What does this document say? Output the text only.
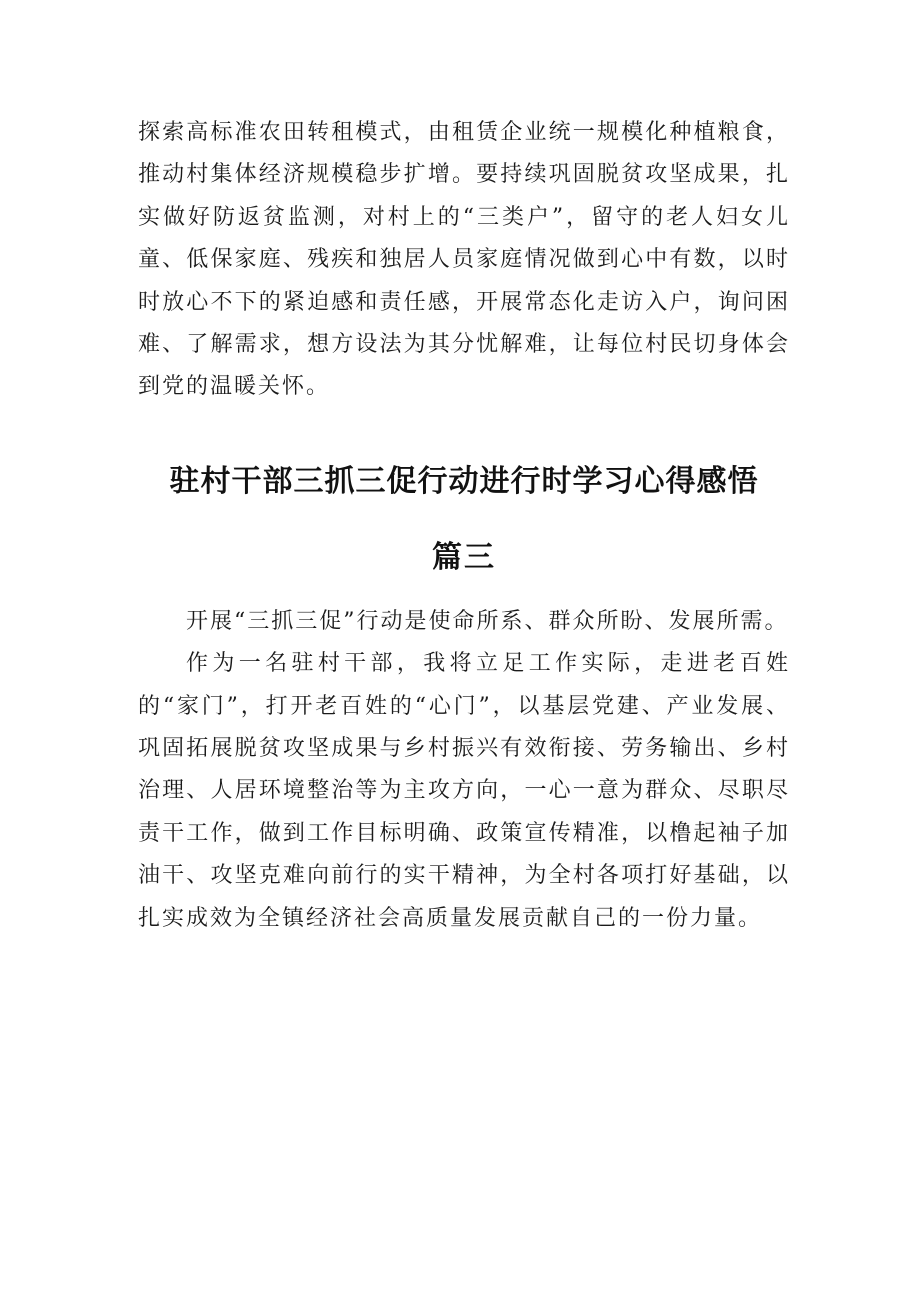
探索高标准农田转租模式，由租赁企业统一规模化种植粮食，推动村集体经济规模稳步扩增。要持续巩固脱贫攻坚成果，扎实做好防返贫监测，对村上的“三类户”，留守的老人妇女儿童、低保家庭、残疾和独居人员家庭情况做到心中有数，以时时放心不下的紧迫感和责任感，开展常态化走访入户，询问困难、了解需求，想方设法为其分忧解难，让每位村民切身体会到党的温暖关怀。

驻村干部三抓三促行动进行时学习心得感悟
篇三

开展“三抓三促”行动是使命所系、群众所盼、发展所需。

作为一名驻村干部，我将立足工作实际，走进老百姓的“家门”，打开老百姓的“心门”，以基层党建、产业发展、巩固拓展脱贫攻坚成果与乡村振兴有效衔接、劳务输出、乡村治理、人居环境整治等为主攻方向，一心一意为群众、尽职尽责干工作，做到工作目标明确、政策宣传精准，以橹起袖子加油干、攻坚克难向前行的实干精神，为全村各项打好基础，以扎实成效为全镇经济社会高质量发展贡献自己的一份力量。
